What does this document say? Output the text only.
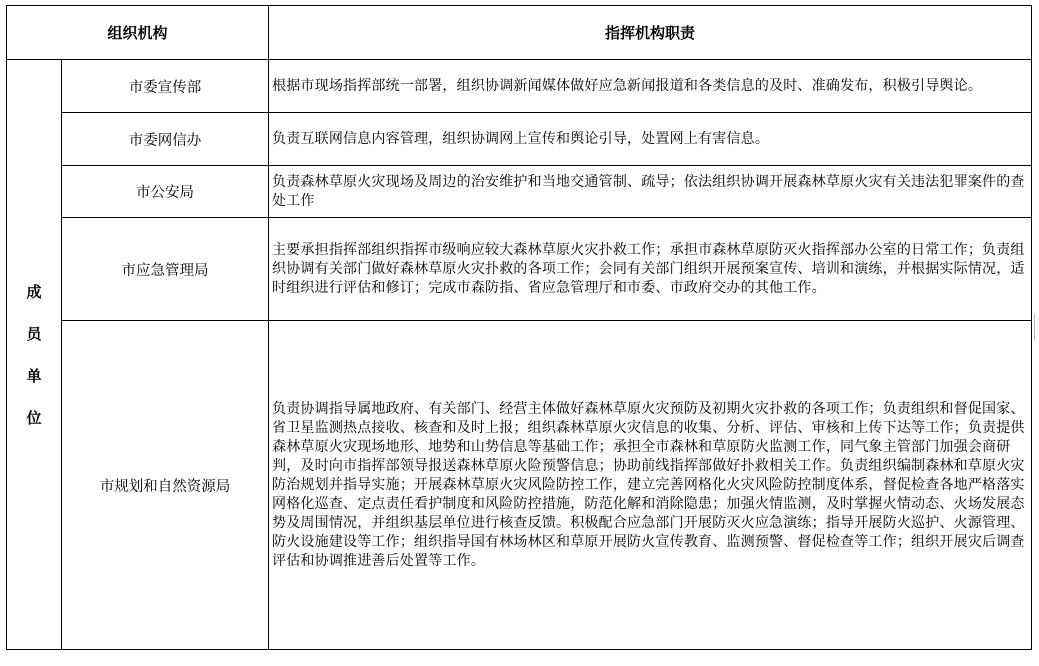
组织机构		指挥机构职责

成
员
单
位	市委宣传部	根据市现场指挥部统一部署，组织协调新闻媒体做好应急新闻报道和各类信息的及时、准确发布，积极引导舆论。
	市委网信办	负责互联网信息内容管理，组织协调网上宣传和舆论引导，处置网上有害信息。
	市公安局	负责森林草原火灾现场及周边的治安维护和当地交通管制、疏导；依法组织协调开展森林草原火灾有关违法犯罪案件的查处工作
	市应急管理局	主要承担指挥部组织指挥市级响应较大森林草原火灾扑救工作；承担市森林草原防灭火指挥部办公室的日常工作；负责组织协调有关部门做好森林草原火灾扑救的各项工作；会同有关部门组织开展预案宣传、培训和演练，并根据实际情况，适时组织进行评估和修订；完成市森防指、省应急管理厅和市委、市政府交办的其他工作。
	市规划和自然资源局	负责协调指导属地政府、有关部门、经营主体做好森林草原火灾预防及初期火灾扑救的各项工作；负责组织和督促国家、省卫星监测热点接收、核查和及时上报；组织森林草原火灾信息的收集、分析、评估、审核和上传下达等工作；负责提供森林草原火灾现场地形、地势和山势信息等基础工作；承担全市森林和草原防火监测工作，同气象主管部门加强会商研判，及时向市指挥部领导报送森林草原火险预警信息；协助前线指挥部做好扑救相关工作。负责组织编制森林和草原火灾防治规划并指导实施；开展森林草原火灾风险防控工作，建立完善网格化火灾风险防控制度体系，督促检查各地严格落实网格化巡查、定点责任看护制度和风险防控措施，防范化解和消除隐患；加强火情监测，及时掌握火情动态、火场发展态势及周围情况，并组织基层单位进行核查反馈。积极配合应急部门开展防灭火应急演练；指导开展防火巡护、火源管理、防火设施建设等工作；组织指导国有林场林区和草原开展防火宣传教育、监测预警、督促检查等工作；组织开展灾后调查评估和协调推进善后处置等工作。
